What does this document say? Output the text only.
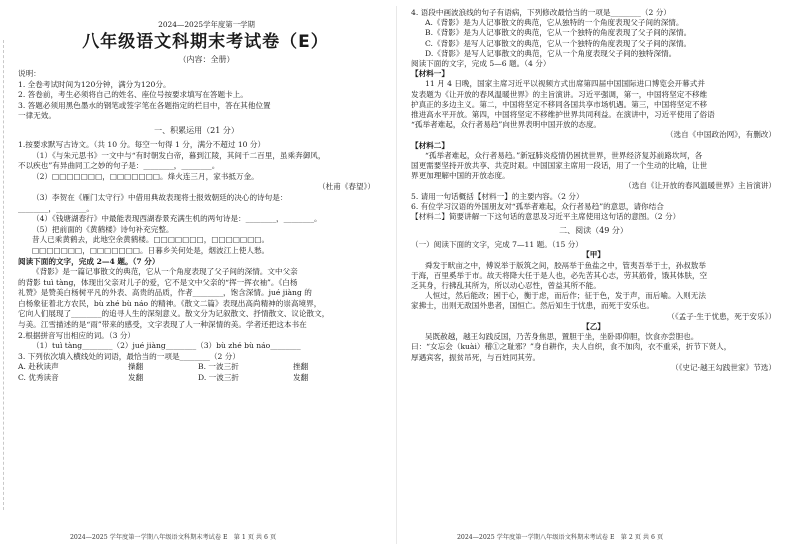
2024—2025学年度第一学期
八年级语文科期末考试卷（E）
（内容：全册）
说明：
1. 全卷考试时间为120分钟，满分为120分。
2. 答卷前，考生必须将自己的姓名、座位号按要求填写在答题卡上。
3. 答题必须用黑色墨水的钢笔或签字笔在各题指定的栏目中，答在其他位置
一律无效。
一、积累运用（21 分）
1.按要求默写古诗文。（共 10 分。每空一句得 1 分，满分不超过 10 分）
（1）《与朱元思书》一文中与“有时朝发白帝，暮到江陵，其间千二百里，虽乘奔御风，
不以疾也”有异曲同工之妙的句子是：________，________。
（2）□□□□□□□，□□□□□□□。烽火连三月，家书抵万金。
（杜甫《春望》）
（3）李贺在《雁门太守行》中借用典故表现将士报效朝廷的决心的诗句是：
________，________。
（4）《钱塘湖春行》中最能表现西湖春景充满生机的两句诗是：________，________。
（5）把前面的《黄鹤楼》诗句补充完整。
昔人已乘黄鹤去，此地空余黄鹤楼。□□□□□□□，□□□□□□□。
□□□□□□□，□□□□□□□。日暮乡关何处是，烟波江上使人愁。
阅读下面的文字，完成 2—4 题。（7 分）
《背影》是一篇记事散文的典范，它从一个角度表现了父子间的深情。文中父亲
的背影 tuì tàng，体现出父亲对儿子的爱，它不是文中父亲的“挥一挥衣袖”。《白杨
礼赞》是赞美白杨树平凡的外表、高贵的品质，作者________，饱含深情。jué jiàng 的
白杨象征着北方农民，bù zhé bù náo 的精神。《散文二篇》表现出高尚精神的崇高境界，
它向人们展现了________的追寻人生的深刻意义。散文分为记叙散文、抒情散文、议论散文，
与美。江雪描述的是“雨”带来的感受，文字表现了人一种深情的美。学者还把这本书在
2.根据拼音写出相应的词。（3 分）
（1）tuì tàng________（2）jué jiàng________（3）bù zhé bù náo________
3. 下列依次填入横线处的词语，最恰当的一项是________（2 分）
A. 赴秋读声	操翻	B. 一波三折	挫翻
C. 优秀读音	发翻	D. 一波三折	发翻
2024—2025 学年度第一学期八年级语文科期末考试卷 E　第 1 页 共 6 页
4. 语段中画波浪线的句子有语病，下列修改最恰当的一项是________（2 分）
A.《背影》是为人记事散文的典范，它从独特的一个角度表现父子间的深情。
B.《背影》是为人记事散文的典范，它从一个独特的角度表现了父子间的深情。
C.《背影》是写人记事散文的典范，它从一个独特的角度表现了父子间的深情。
D.《背影》是写人记事散文的典范，它从一个角度表现父子间的独特深情。
阅读下面的文字，完成 5—6 题。（4 分）
【材料一】
11 月 4 日晚，国家主席习近平以视频方式出席第四届中国国际进口博览会开幕式并
发表题为《让开放的春风温暖世界》的主旨演讲。习近平强调，第一，中国将坚定不移维
护真正的多边主义。第二，中国将坚定不移同各国共享市场机遇。第三，中国将坚定不移
推进高水平开放。第四，中国将坚定不移维护世界共同利益。在演讲中，习近平使用了俗语
“孤举者难起，众行者易趋”向世界表明中国开放的态度。
（选自《中国政治网》，有删改）
【材料二】
“孤举者难起，众行者易趋。”新冠肺炎疫情仍困扰世界，世界经济复苏前路坎坷，各
国更需要坚持开放共享、共克时艰。中国国家主席用一段话，用了一个生动的比喻，让世
界更加理解中国的开放态度。
（选自《让开放的春风温暖世界》主旨演讲）
5. 请用一句话概括【材料一】的主要内容。（2 分）
6. 有位学习汉语的外国朋友对“孤举者难起，众行者易趋”的意思，请你结合
【材料二】简要讲解一下这句话的意思及习近平主席使用这句话的意图。（2 分）
二、阅读（49 分）
（一）阅读下面的文字，完成 7—11 题。（15 分）
【甲】
舜发于畎亩之中，傅说举于版筑之间，胶鬲举于鱼盐之中，管夷吾举于士，孙叔敖举
于海，百里奚举于市。故天将降大任于是人也，必先苦其心志，劳其筋骨，饿其体肤，空
乏其身，行拂乱其所为，所以动心忍性，曾益其所不能。
人恒过，然后能改；困于心，衡于虑，而后作；征于色，发于声，而后喻。入则无法
家拂士，出则无敌国外患者，国恒亡。然后知生于忧患，而死于安乐也。
（《孟子·生于忧患，死于安乐》）
【乙】
吴既赦越，越王勾践反国，乃苦身焦思，置胆于坐，坐卧即仰胆，饮食亦尝胆也。
曰：“女忘会（kuài）稽①之耻邪？”身自耕作，夫人自织，食不加肉，衣不重采，折节下贤人，
厚遇宾客，振贫吊死，与百姓同其劳。
（《史记·越王勾践世家》节选）
2024—2025 学年度第一学期八年级语文科期末考试卷 E　第 2 页 共 6 页
